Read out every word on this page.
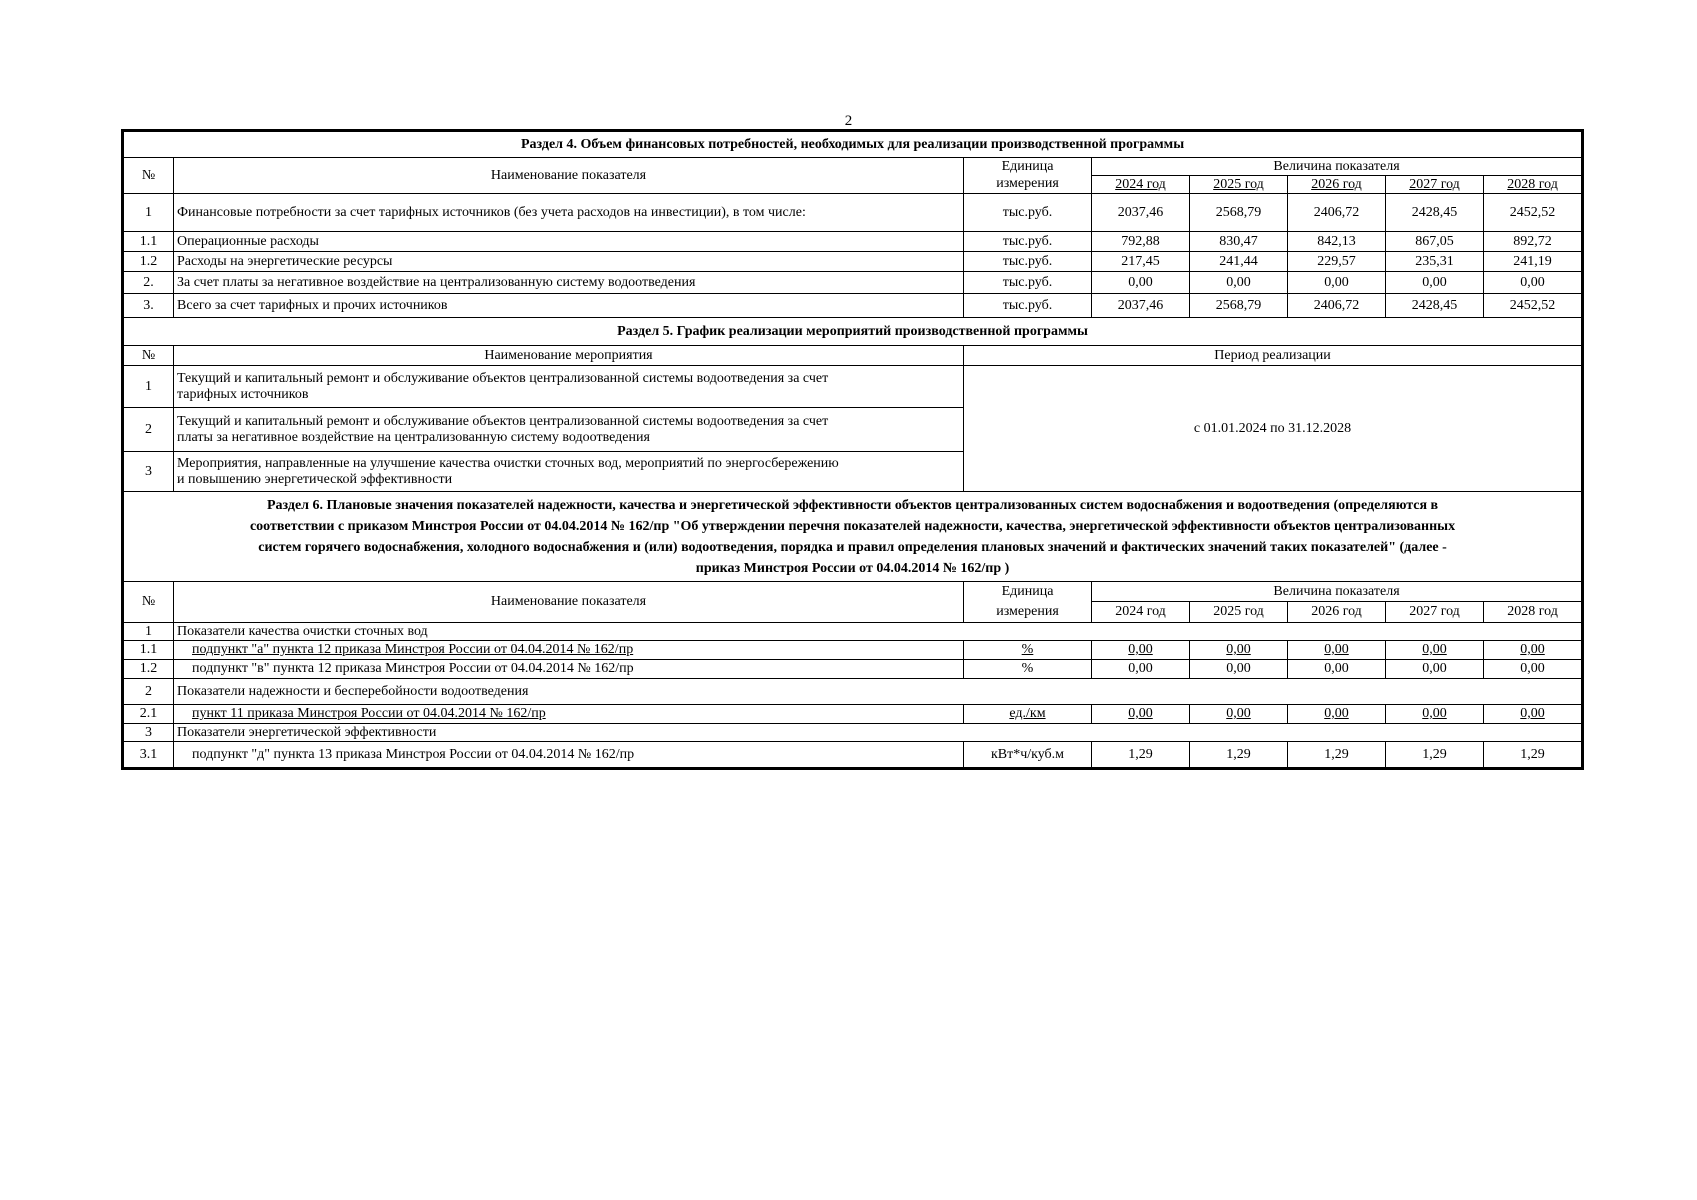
2
Раздел 4. Объем финансовых потребностей, необходимых для реализации производственной программы							
№	Наименование показателя	Единица	Величина показателя				
		измерения	2024 год	2025 год	2026 год	2027 год	2028 год
1	Финансовые потребности за счет тарифных источников (без учета расходов на инвестиции), в том числе:	тыс.руб.	2037,46	2568,79	2406,72	2428,45	2452,52
1.1	Операционные расходы	тыс.руб.	792,88	830,47	842,13	867,05	892,72
1.2	Расходы на энергетические ресурсы	тыс.руб.	217,45	241,44	229,57	235,31	241,19
2.	За счет платы за негативное воздействие на централизованную систему водоотведения	тыс.руб.	0,00	0,00	0,00	0,00	0,00
3.	Всего за счет тарифных и прочих источников	тыс.руб.	2037,46	2568,79	2406,72	2428,45	2452,52
Раздел 5. График реализации мероприятий производственной программы							
№	Наименование мероприятия	Период реализации					
1	Текущий и капитальный ремонт и обслуживание объектов централизованной системы водоотведения за счет
тарифных источников	с 01.01.2024 по 31.12.2028					
2	Текущий и капитальный ремонт и обслуживание объектов централизованной системы водоотведения за счет
платы за негативное воздействие на централизованную систему водоотведения						

3	Мероприятия, направленные на улучшение качества очистки сточных вод, мероприятий по энергосбережению
и повышению энергетической эффективности						

Раздел 6. Плановые значения показателей надежности, качества и энергетической эффективности объектов централизованных систем водоснабжения и водоотведения (определяются в
соответствии с приказом Минстроя России от 04.04.2014 № 162/пр "Об утверждении перечня показателей надежности, качества, энергетической эффективности объектов централизованных
систем горячего водоснабжения, холодного водоснабжения и (или) водоотведения, порядка и правил определения плановых значений и фактических значений таких показателей" (далее -
приказ Минстроя России от 04.04.2014 № 162/пр )							

№	Наименование показателя	Единица	Величина показателя				
		измерения	2024 год	2025 год	2026 год	2027 год	2028 год
1	Показатели качества очистки сточных вод						
1.1	подпункт "а" пункта 12 приказа Минстроя России от 04.04.2014 № 162/пр	%	0,00	0,00	0,00	0,00	0,00
1.2	подпункт "в" пункта 12 приказа Минстроя России от 04.04.2014 № 162/пр	%	0,00	0,00	0,00	0,00	0,00
2	Показатели надежности и бесперебойности водоотведения						
2.1	пункт 11 приказа Минстроя России от 04.04.2014 № 162/пр	ед./км	0,00	0,00	0,00	0,00	0,00
3	Показатели энергетической эффективности						
3.1	подпункт "д" пункта 13 приказа Минстроя России от 04.04.2014 № 162/пр	кВт*ч/куб.м	1,29	1,29	1,29	1,29	1,29
